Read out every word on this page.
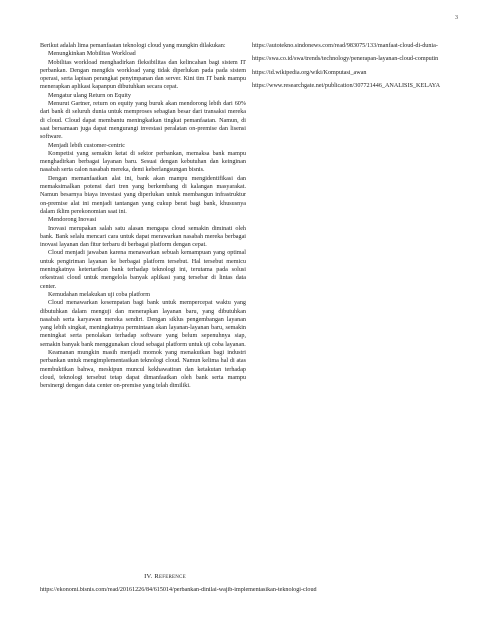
3

Berikut adalah lima pemanfaatan teknologi cloud yang mungkin dilakukan:

Menungkinkan Mobilitas Workload

Mobilitas workload menghadirkan fleksibilitas dan kelincahan bagi sistem IT perbankan. Dengan mengikis workload yang tidak diperlukan pada pada sistem operasi, serta lapisan perangkat penyimpanan dan server. Kini tim IT bank mampu menerapkan aplikasi kapanpun dibutuhkan secara cepat.

Mengatur ulang Return on Equity

Menurut Gartner, return on equity yang buruk akan mendorong lebih dari 60% dari bank di seluruh dunia untuk memproses sebagian besar dari transaksi mereka di cloud. Cloud dapat membantu meningkatkan tingkat pemanfaatan. Namun, di saat bersamaan juga dapat mengurangi investasi peralatan on-premise dan lisensi software.

Menjadi lebih customer-centric

Kompetisi yang semakin ketat di sektor perbankan, memaksa bank mampu menghadirkan berbagai layanan baru. Sesuai dengan kebutuhan dan keinginan nasabah serta calon nasabah mereka, demi keberlangsungan bisnis.

Dengan memanfaatkan alat ini, bank akan mampu mengidentifikasi dan memaksimalkan potensi dari tren yang berkembang di kalangan masyarakat. Namun besarnya biaya investasi yang diperlukan untuk membangun infrastruktur on-premise alat ini menjadi tantangan yang cukup berat bagi bank, khususnya dalam iklim perekonomian saat ini.

Mendorong Inovasi

Inovasi merupakan salah satu alasan mengapa cloud semakin diminati oleh bank. Bank selalu mencari cara untuk dapat merawarkan nasabah mereka berbagai inovasi layanan dan fitur terbaru di berbagai platform dengan cepat.

Cloud menjadi jawaban karena menawarkan sebuah kemampuan yang optimal untuk pengiriman layanan ke berbagai platform tersebut. Hal tersebut memicu meningkatnya ketertarikan bank terhadap teknologi ini, terutama pada solusi orkestrasi cloud untuk mengelola banyak aplikasi yang tersebar di lintas data center.

Kemudahan melakukan uji coba platform

Cloud menawarkan kesempatan bagi bank untuk mempercepat waktu yang dibutuhkan dalam menguji dan menerapkan layanan baru, yang dibutuhkan nasabah serta karyawan mereka sendiri. Dengan siklus pengembangan layanan yang lebih singkat, meningkatnya permintaan akan layanan-layanan baru, semakin meningkat serta penolakan terhadap software yang belum sepenuhnya siap, semakin banyak bank menggunakan cloud sebagai platform untuk uji coba layanan.

Keamanan mungkin masih menjadi momok yang menakutkan bagi industri perbankan untuk mengimplementasikan teknologi cloud. Namun kelima hal di atas membuktikan bahwa, meskipun muncul kekhawatiran dan ketakutan terhadap cloud, teknologi tersebut tetap dapat dimanfaatkan oleh bank serta mampu bersinergi dengan data center on-premise yang telah dimiliki.

https://autotekno.sindonews.com/read/983075/133/manfaat-cloud-di-dunia-

https://swa.co.id/swa/trends/technology/penerapan-layanan-cloud-computin

https://id.wikipedia.org/wiki/Komputasi_awan

https://www.researchgate.net/publication/307721446_ANALISIS_KELAYA

IV. Reference
https://ekonomi.bisnis.com/read/20161226/84/615014/perbankan-dinilai-wajib-implementasikan-teknologi-cloud
